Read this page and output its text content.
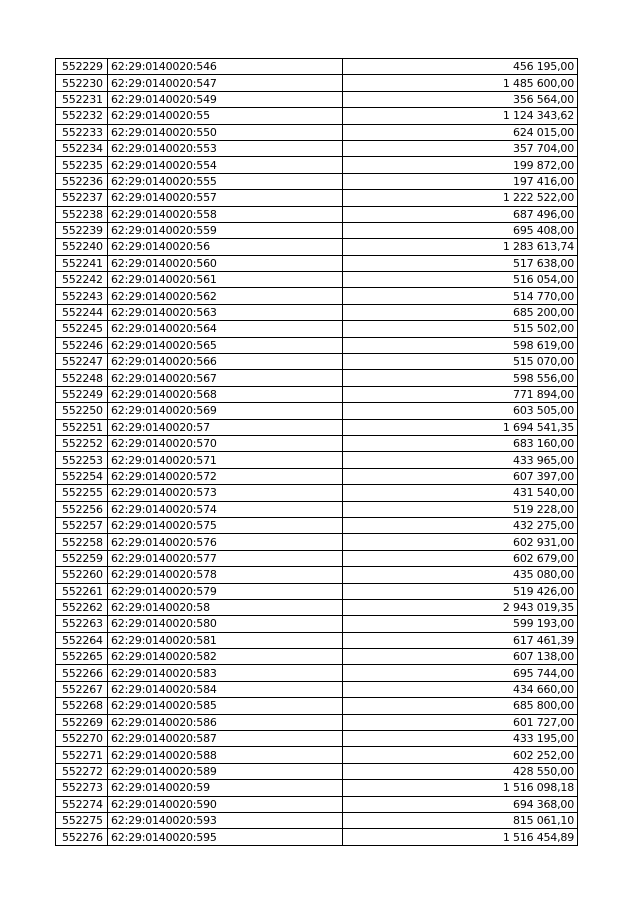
552229	62:29:0140020:546	456 195,00
552230	62:29:0140020:547	1 485 600,00
552231	62:29:0140020:549	356 564,00
552232	62:29:0140020:55	1 124 343,62
552233	62:29:0140020:550	624 015,00
552234	62:29:0140020:553	357 704,00
552235	62:29:0140020:554	199 872,00
552236	62:29:0140020:555	197 416,00
552237	62:29:0140020:557	1 222 522,00
552238	62:29:0140020:558	687 496,00
552239	62:29:0140020:559	695 408,00
552240	62:29:0140020:56	1 283 613,74
552241	62:29:0140020:560	517 638,00
552242	62:29:0140020:561	516 054,00
552243	62:29:0140020:562	514 770,00
552244	62:29:0140020:563	685 200,00
552245	62:29:0140020:564	515 502,00
552246	62:29:0140020:565	598 619,00
552247	62:29:0140020:566	515 070,00
552248	62:29:0140020:567	598 556,00
552249	62:29:0140020:568	771 894,00
552250	62:29:0140020:569	603 505,00
552251	62:29:0140020:57	1 694 541,35
552252	62:29:0140020:570	683 160,00
552253	62:29:0140020:571	433 965,00
552254	62:29:0140020:572	607 397,00
552255	62:29:0140020:573	431 540,00
552256	62:29:0140020:574	519 228,00
552257	62:29:0140020:575	432 275,00
552258	62:29:0140020:576	602 931,00
552259	62:29:0140020:577	602 679,00
552260	62:29:0140020:578	435 080,00
552261	62:29:0140020:579	519 426,00
552262	62:29:0140020:58	2 943 019,35
552263	62:29:0140020:580	599 193,00
552264	62:29:0140020:581	617 461,39
552265	62:29:0140020:582	607 138,00
552266	62:29:0140020:583	695 744,00
552267	62:29:0140020:584	434 660,00
552268	62:29:0140020:585	685 800,00
552269	62:29:0140020:586	601 727,00
552270	62:29:0140020:587	433 195,00
552271	62:29:0140020:588	602 252,00
552272	62:29:0140020:589	428 550,00
552273	62:29:0140020:59	1 516 098,18
552274	62:29:0140020:590	694 368,00
552275	62:29:0140020:593	815 061,10
552276	62:29:0140020:595	1 516 454,89
